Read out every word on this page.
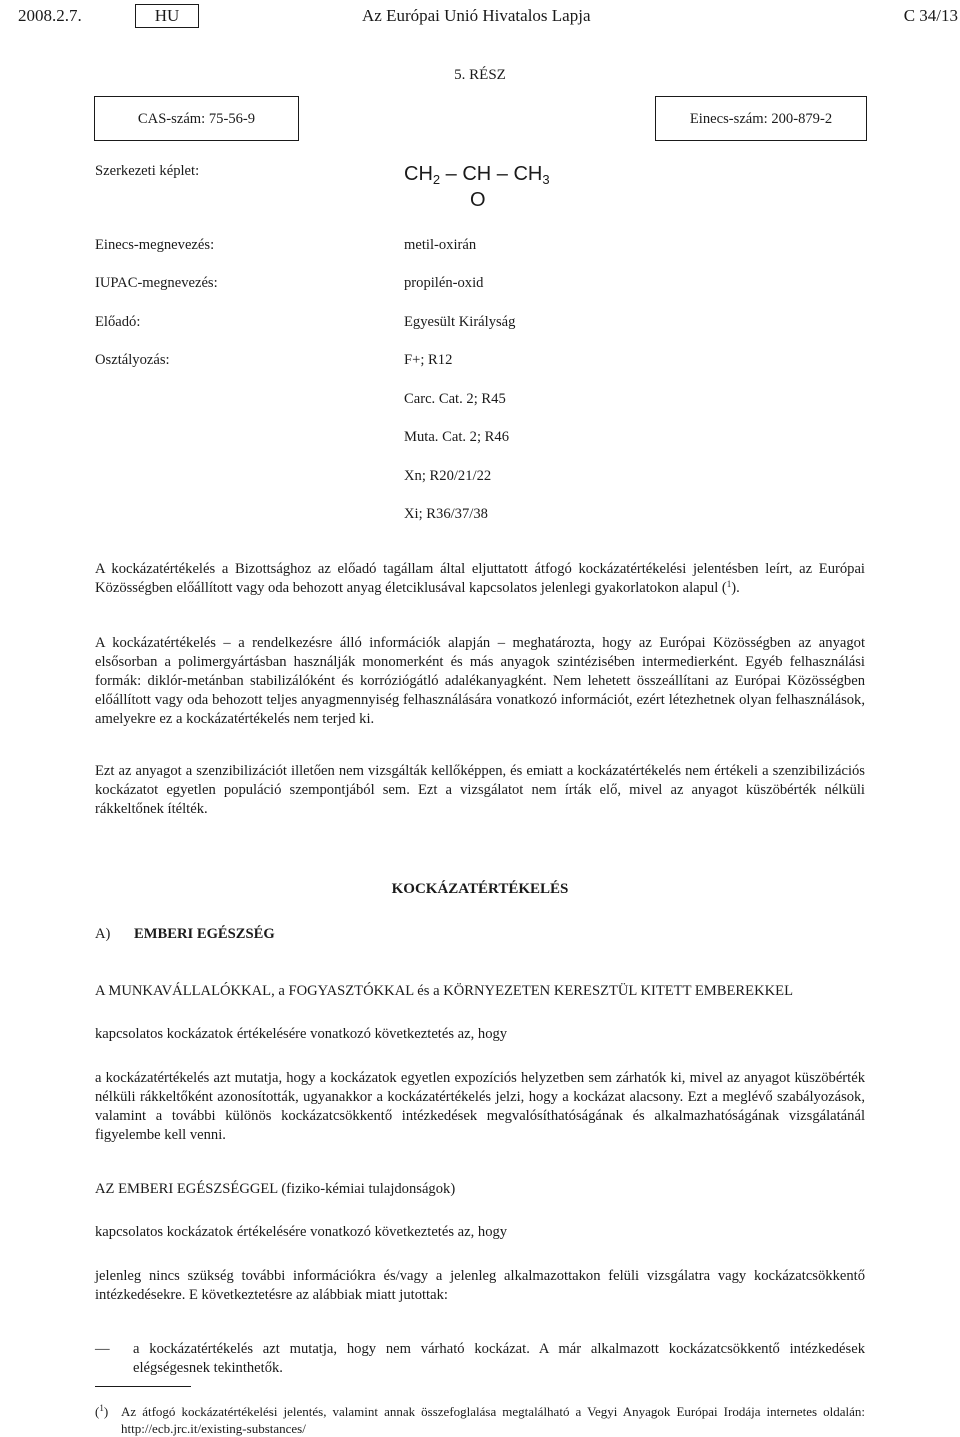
2008.2.7.	HU	Az Európai Unió Hivatalos Lapja	C 34/13
5. RÉSZ
CAS-szám: 75-56-9	Einecs-szám: 200-879-2
Szerkezeti képlet:	$CH_2$ – CH – $CH_3$
O
Einecs-megnevezés:	metil-oxirán
IUPAC-megnevezés:	propilén-oxid
Előadó:	Egyesült Királyság
Osztályozás:	F+; R12
Carc. Cat. 2; R45
Muta. Cat. 2; R46
Xn; R20/21/22
Xi; R36/37/38
A kockázatértékelés a Bizottsághoz az előadó tagállam által eljuttatott átfogó kockázatértékelési jelentésben leírt, az Európai Közösségben előállított vagy oda behozott anyag életciklusával kapcsolatos jelenlegi gyakorlatokon alapul ($^1$).
A kockázatértékelés – a rendelkezésre álló információk alapján – meghatározta, hogy az Európai Közösségben az anyagot elsősorban a polimergyártásban használják monomerként és más anyagok szintézisében intermedierként. Egyéb felhasználási formák: diklór-metánban stabilizálóként és korróziógátló adalékanyagként. Nem lehetett összeállítani az Európai Közösségben előállított vagy oda behozott teljes anyagmennyiség felhasználására vonatkozó információt, ezért létezhetnek olyan felhasználások, amelyekre ez a kockázatértékelés nem terjed ki.
Ezt az anyagot a szenzibilizációt illetően nem vizsgálták kellőképpen, és emiatt a kockázatértékelés nem értékeli a szenzibilizációs kockázatot egyetlen populáció szempontjából sem. Ezt a vizsgálatot nem írták elő, mivel az anyagot küszöbérték nélküli rákkeltőnek ítélték.
KOCKÁZATÉRTÉKELÉS
A) EMBERI EGÉSZSÉG
A MUNKAVÁLLALÓKKAL, a FOGYASZTÓKKAL és a KÖRNYEZETEN KERESZTÜL KITETT EMBEREKKEL
kapcsolatos kockázatok értékelésére vonatkozó következtetés az, hogy
a kockázatértékelés azt mutatja, hogy a kockázatok egyetlen expozíciós helyzetben sem zárhatók ki, mivel az anyagot küszöbérték nélküli rákkeltőként azonosították, ugyanakkor a kockázatértékelés jelzi, hogy a kockázat alacsony. Ezt a meglévő szabályozások, valamint a további különös kockázatcsökkentő intézkedések megvalósíthatóságának és alkalmazhatóságának vizsgálatánál figyelembe kell venni.
AZ EMBERI EGÉSZSÉGGEL (fiziko-kémiai tulajdonságok)
kapcsolatos kockázatok értékelésére vonatkozó következtetés az, hogy
jelenleg nincs szükség további információkra és/vagy a jelenleg alkalmazottakon felüli vizsgálatra vagy kockázatcsökkentő intézkedésekre. E következtetésre az alábbiak miatt jutottak:
— a kockázatértékelés azt mutatja, hogy nem várható kockázat. A már alkalmazott kockázatcsökkentő intézkedések elégségesnek tekinthetők.
($^1$) Az átfogó kockázatértékelési jelentés, valamint annak összefoglalása megtalálható a Vegyi Anyagok Európai Irodája internetes oldalán: http://ecb.jrc.it/existing-substances/
